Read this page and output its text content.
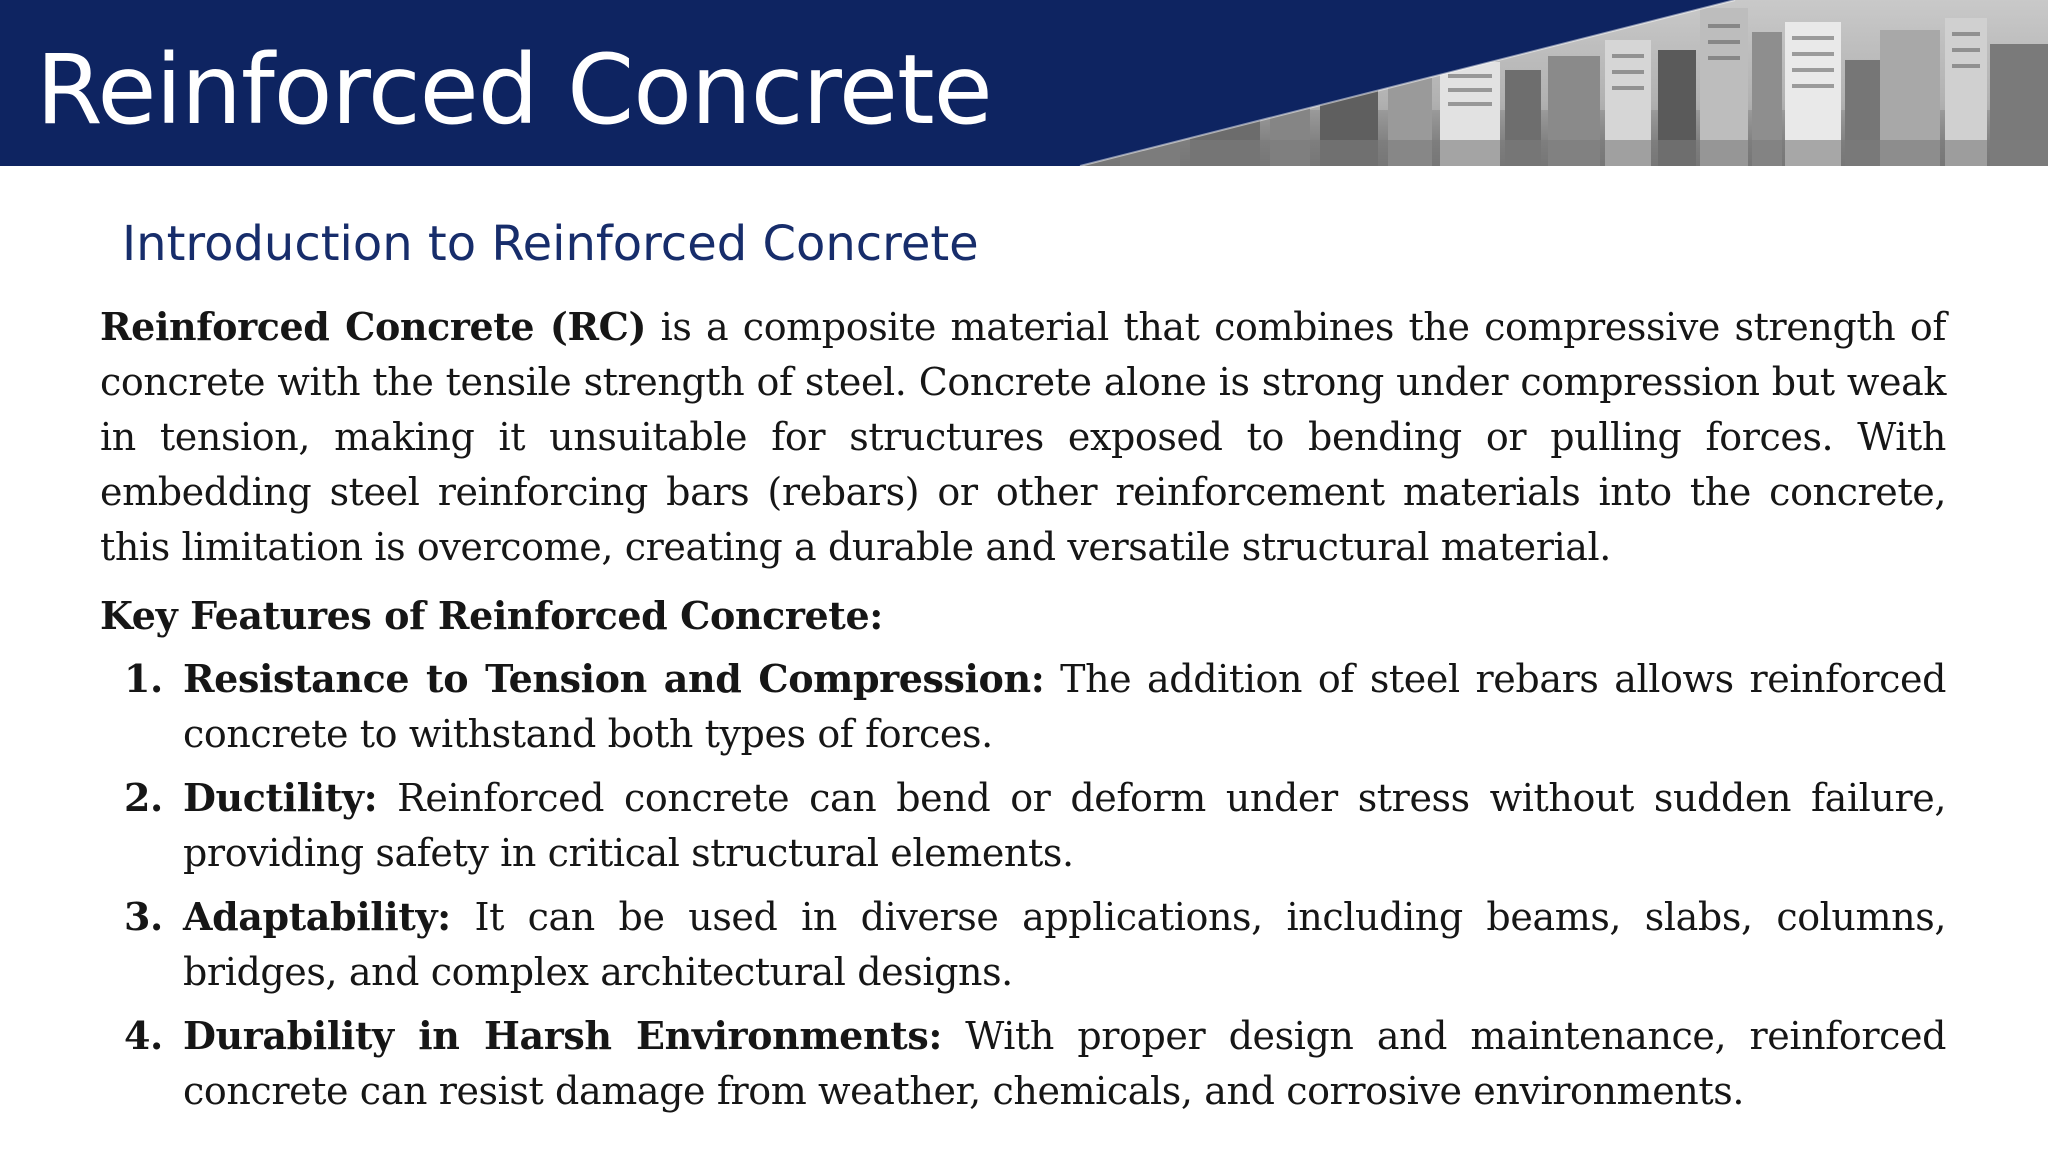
Reinforced Concrete
Introduction to Reinforced Concrete

Reinforced Concrete (RC) is a composite material that combines the compressive strength of concrete with the tensile strength of steel. Concrete alone is strong under compression but weak in tension, making it unsuitable for structures exposed to bending or pulling forces. With embedding steel reinforcing bars (rebars) or other reinforcement materials into the concrete, this limitation is overcome, creating a durable and versatile structural material.

Key Features of Reinforced Concrete:

1. Resistance to Tension and Compression: The addition of steel rebars allows reinforced concrete to withstand both types of forces.
2. Ductility: Reinforced concrete can bend or deform under stress without sudden failure, providing safety in critical structural elements.
3. Adaptability: It can be used in diverse applications, including beams, slabs, columns, bridges, and complex architectural designs.
4. Durability in Harsh Environments: With proper design and maintenance, reinforced concrete can resist damage from weather, chemicals, and corrosive environments.
